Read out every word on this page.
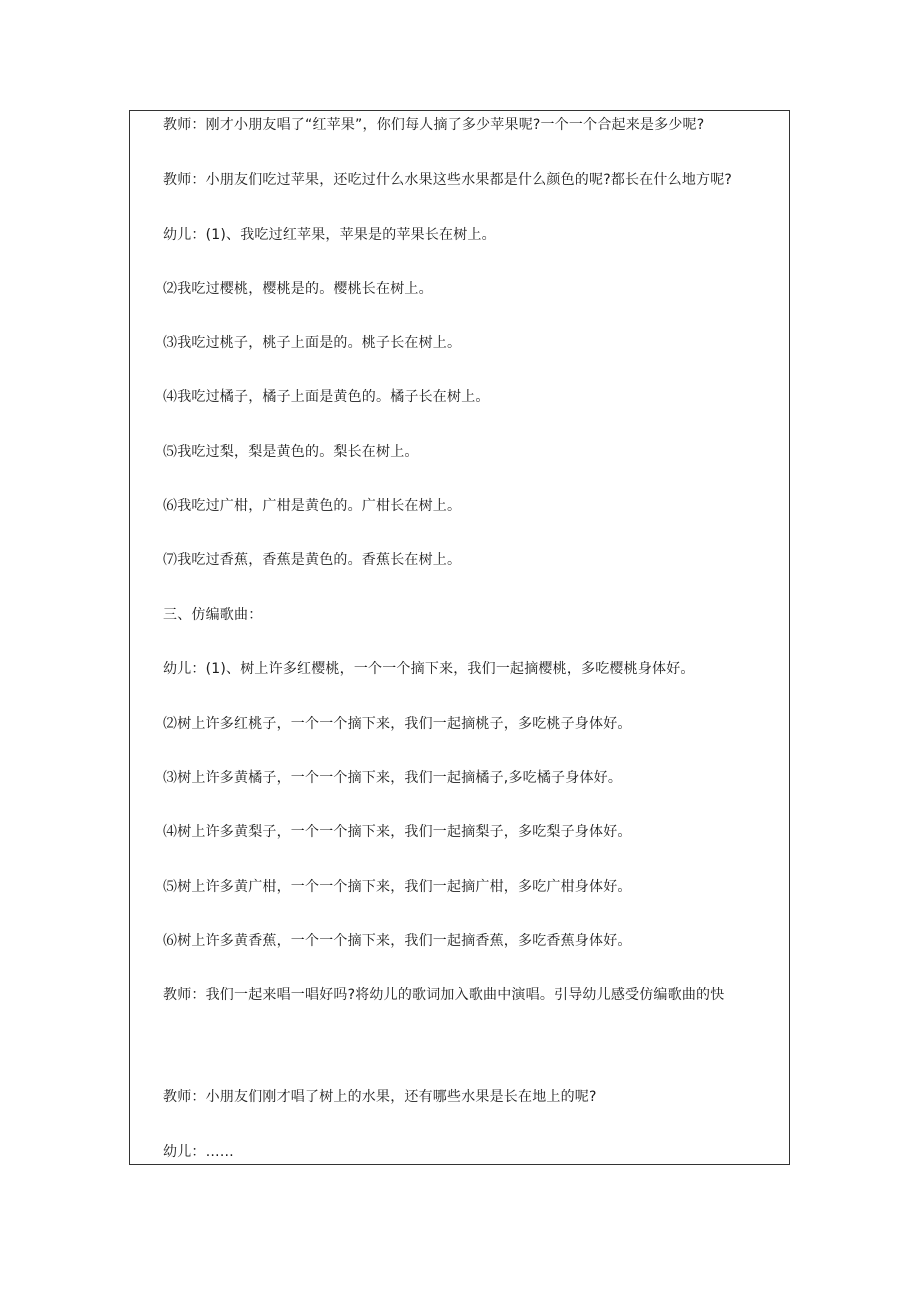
教师：刚才小朋友唱了“红苹果”，你们每人摘了多少苹果呢?一个一个合起来是多少呢?
教师：小朋友们吃过苹果，还吃过什么水果这些水果都是什么颜色的呢?都长在什么地方呢?
幼儿：(1)、我吃过红苹果，苹果是的苹果长在树上。
⑵我吃过樱桃，樱桃是的。樱桃长在树上。
⑶我吃过桃子，桃子上面是的。桃子长在树上。
⑷我吃过橘子，橘子上面是黄色的。橘子长在树上。
⑸我吃过梨，梨是黄色的。梨长在树上。
⑹我吃过广柑，广柑是黄色的。广柑长在树上。
⑺我吃过香蕉，香蕉是黄色的。香蕉长在树上。
三、仿编歌曲：
幼儿：(1)、树上许多红樱桃，一个一个摘下来，我们一起摘樱桃，多吃樱桃身体好。
⑵树上许多红桃子，一个一个摘下来，我们一起摘桃子，多吃桃子身体好。
⑶树上许多黄橘子，一个一个摘下来，我们一起摘橘子,多吃橘子身体好。
⑷树上许多黄梨子，一个一个摘下来，我们一起摘梨子，多吃梨子身体好。
⑸树上许多黄广柑，一个一个摘下来，我们一起摘广柑，多吃广柑身体好。
⑹树上许多黄香蕉，一个一个摘下来，我们一起摘香蕉，多吃香蕉身体好。
教师：我们一起来唱一唱好吗?将幼儿的歌词加入歌曲中演唱。引导幼儿感受仿编歌曲的快
教师：小朋友们刚才唱了树上的水果，还有哪些水果是长在地上的呢?
幼儿：……
